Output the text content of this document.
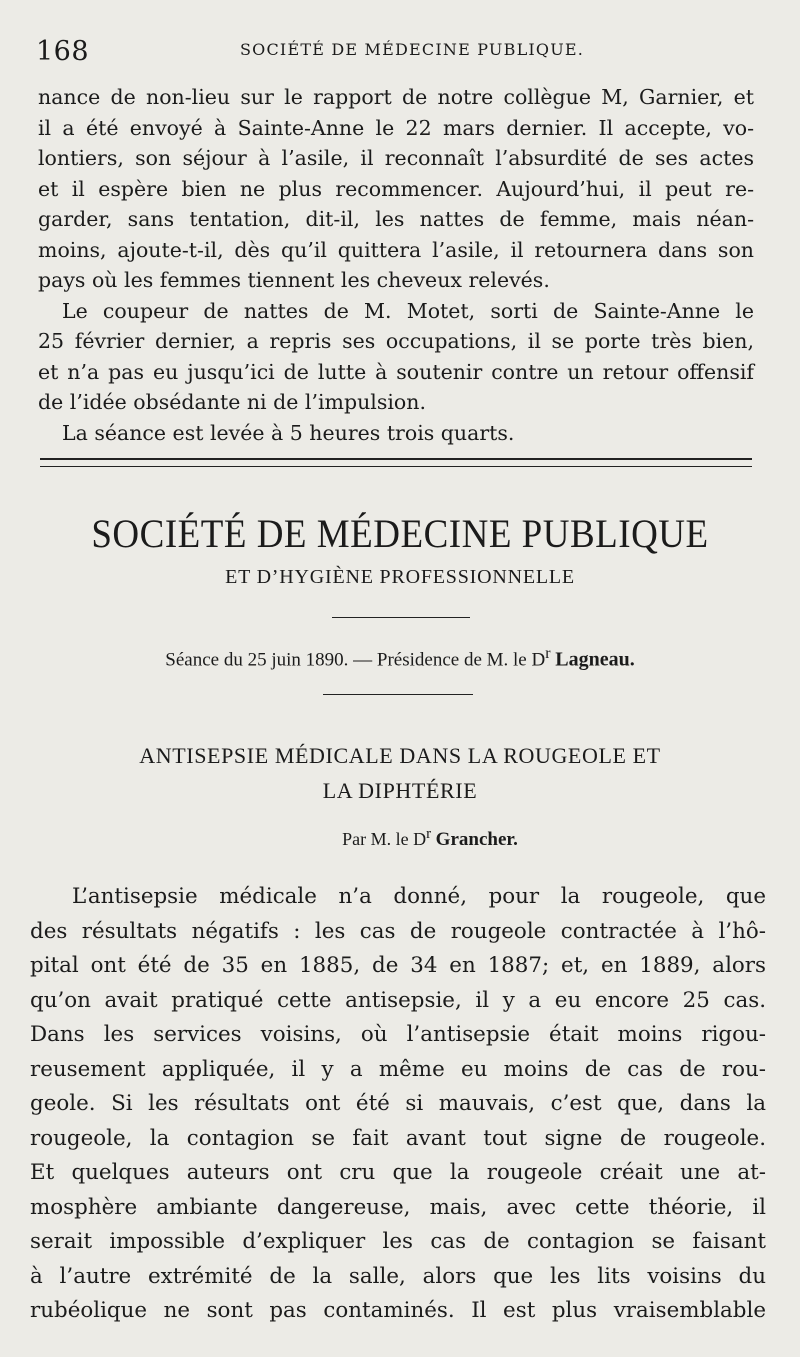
168	SOCIÉTÉ DE MÉDECINE PUBLIQUE.
nance de non-lieu sur le rapport de notre collègue M, Garnier, et
il a été envoyé à Sainte-Anne le 22 mars dernier. Il accepte, vo-
lontiers, son séjour à l’asile, il reconnaît l’absurdité de ses actes
et il espère bien ne plus recommencer. Aujourd’hui, il peut re-
garder, sans tentation, dit-il, les nattes de femme, mais néan-
moins, ajoute-t-il, dès qu’il quittera l’asile, il retournera dans son
pays où les femmes tiennent les cheveux relevés.
Le coupeur de nattes de M. Motet, sorti de Sainte-Anne le
25 février dernier, a repris ses occupations, il se porte très bien,
et n’a pas eu jusqu’ici de lutte à soutenir contre un retour offensif
de l’idée obsédante ni de l’impulsion.
La séance est levée à 5 heures trois quarts.
SOCIÉTÉ DE MÉDECINE PUBLIQUE
ET D’HYGIÈNE PROFESSIONNELLE
Séance du 25 juin 1890. — Présidence de M. le $D^r$ Lagneau.
ANTISEPSIE MÉDICALE DANS LA ROUGEOLE ET
LA DIPHTÉRIE
Par M. le $D^r$ Grancher.
L’antisepsie médicale n’a donné, pour la rougeole, que
des résultats négatifs : les cas de rougeole contractée à l’hô-
pital ont été de 35 en 1885, de 34 en 1887; et, en 1889, alors
qu’on avait pratiqué cette antisepsie, il y a eu encore 25 cas.
Dans les services voisins, où l’antisepsie était moins rigou-
reusement appliquée, il y a même eu moins de cas de rou-
geole. Si les résultats ont été si mauvais, c’est que, dans la
rougeole, la contagion se fait avant tout signe de rougeole.
Et quelques auteurs ont cru que la rougeole créait une at-
mosphère ambiante dangereuse, mais, avec cette théorie, il
serait impossible d’expliquer les cas de contagion se faisant
à l’autre extrémité de la salle, alors que les lits voisins du
rubéolique ne sont pas contaminés. Il est plus vraisemblable
